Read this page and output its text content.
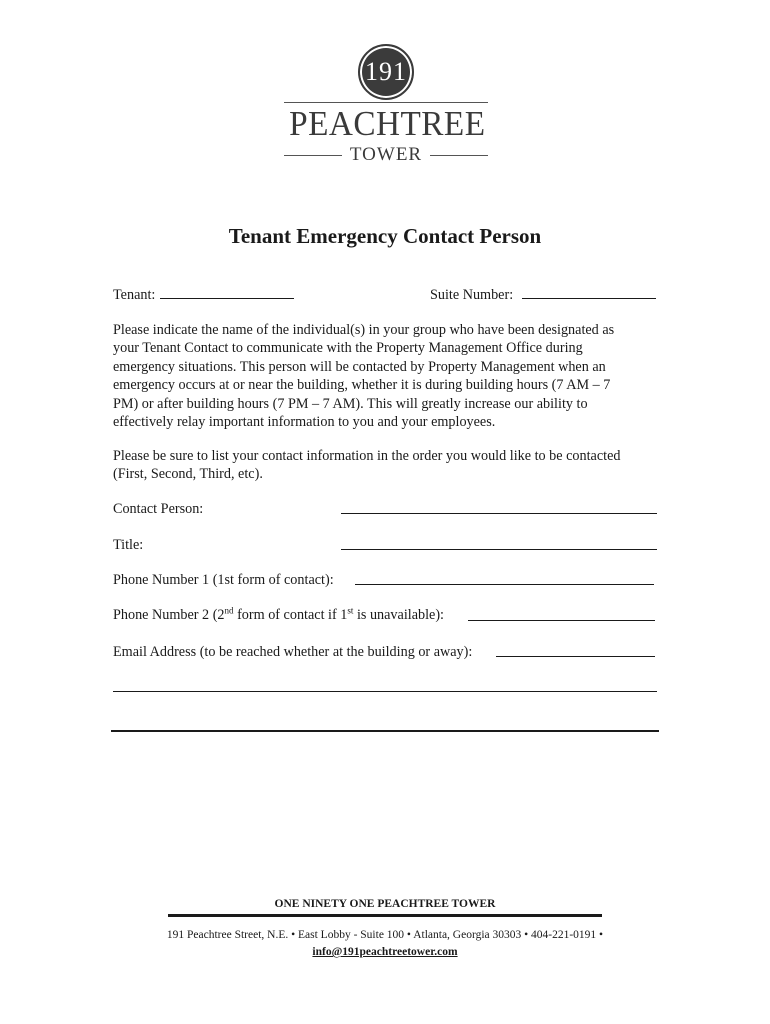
191
PEACHTREE
TOWER
Tenant Emergency Contact Person

Tenant:	Suite Number:

Please indicate the name of the individual(s) in your group who have been designated as

your Tenant Contact to communicate with the Property Management Office during

emergency situations. This person will be contacted by Property Management when an

emergency occurs at or near the building, whether it is during building hours (7 AM – 7

PM) or after building hours (7 PM – 7 AM). This will greatly increase our ability to

effectively relay important information to you and your employees.

Please be sure to list your contact information in the order you would like to be contacted

(First, Second, Third, etc).

Contact Person:

Title:

Phone Number 1 (1st form of contact):

Phone Number 2 (2nd form of contact if 1st is unavailable):

Email Address (to be reached whether at the building or away):

ONE NINETY ONE PEACHTREE TOWER

191 Peachtree Street, N.E. • East Lobby - Suite 100 • Atlanta, Georgia 30303 • 404-221-0191 •

info@191peachtreetower.com
